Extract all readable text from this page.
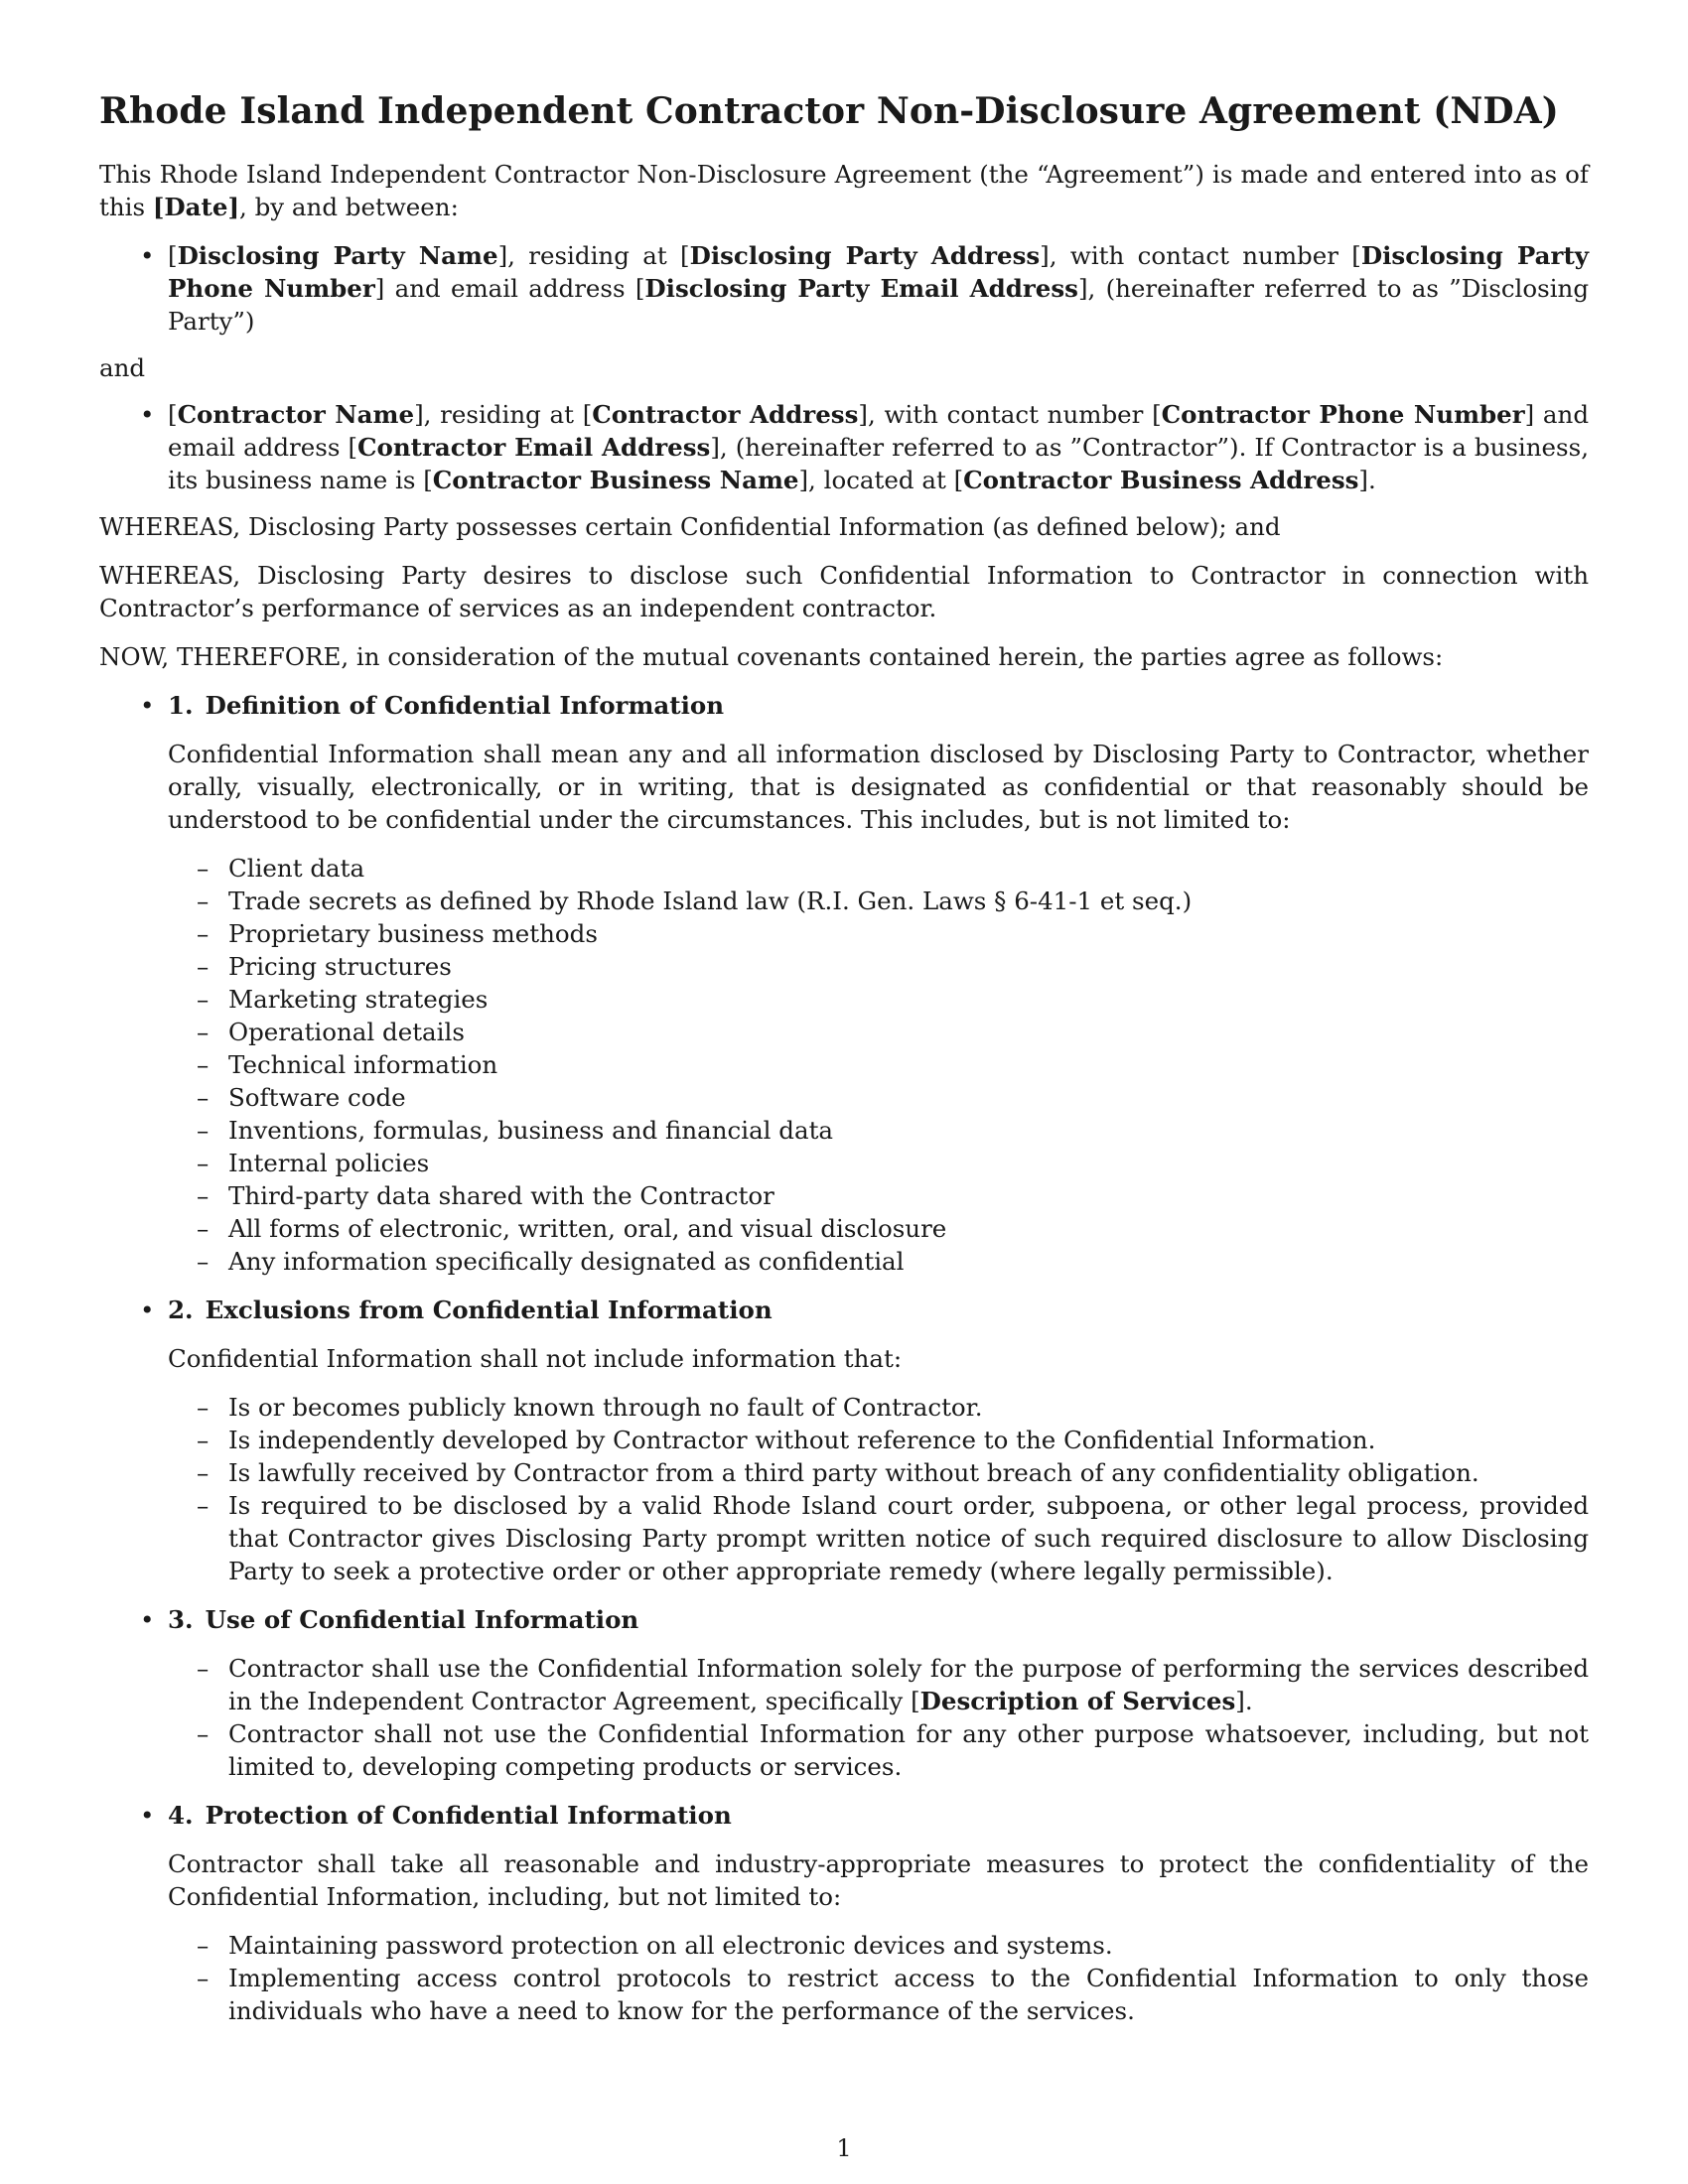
Rhode Island Independent Contractor Non-Disclosure Agreement (NDA)

This Rhode Island Independent Contractor Non-Disclosure Agreement (the “Agreement”) is made and entered into as of this [Date], by and between:

• [Disclosing Party Name], residing at [Disclosing Party Address], with contact number [Disclosing Party Phone Number] and email address [Disclosing Party Email Address], (hereinafter referred to as ”Disclosing Party”)

and

• [Contractor Name], residing at [Contractor Address], with contact number [Contractor Phone Number] and email address [Contractor Email Address], (hereinafter referred to as ”Contractor”). If Contractor is a business, its business name is [Contractor Business Name], located at [Contractor Business Address].

WHEREAS, Disclosing Party possesses certain Confidential Information (as defined below); and

WHEREAS, Disclosing Party desires to disclose such Confidential Information to Contractor in connection with Contractor’s performance of services as an independent contractor.

NOW, THEREFORE, in consideration of the mutual covenants contained herein, the parties agree as follows:

• 1. Definition of Confidential Information

Confidential Information shall mean any and all information disclosed by Disclosing Party to Contractor, whether orally, visually, electronically, or in writing, that is designated as confidential or that reasonably should be understood to be confidential under the circumstances. This includes, but is not limited to:

– Client data
– Trade secrets as defined by Rhode Island law (R.I. Gen. Laws § 6-41-1 et seq.)
– Proprietary business methods
– Pricing structures
– Marketing strategies
– Operational details
– Technical information
– Software code
– Inventions, formulas, business and financial data
– Internal policies
– Third-party data shared with the Contractor
– All forms of electronic, written, oral, and visual disclosure
– Any information specifically designated as confidential
• 2. Exclusions from Confidential Information

Confidential Information shall not include information that:

– Is or becomes publicly known through no fault of Contractor.
– Is independently developed by Contractor without reference to the Confidential Information.
– Is lawfully received by Contractor from a third party without breach of any confidentiality obligation.
– Is required to be disclosed by a valid Rhode Island court order, subpoena, or other legal process, provided that Contractor gives Disclosing Party prompt written notice of such required disclosure to allow Disclosing Party to seek a protective order or other appropriate remedy (where legally permissible).
• 3. Use of Confidential Information
– Contractor shall use the Confidential Information solely for the purpose of performing the services described in the Independent Contractor Agreement, specifically [Description of Services].
– Contractor shall not use the Confidential Information for any other purpose whatsoever, including, but not limited to, developing competing products or services.
• 4. Protection of Confidential Information

Contractor shall take all reasonable and industry-appropriate measures to protect the confidentiality of the Confidential Information, including, but not limited to:

– Maintaining password protection on all electronic devices and systems.
– Implementing access control protocols to restrict access to the Confidential Information to only those individuals who have a need to know for the performance of the services.
1
